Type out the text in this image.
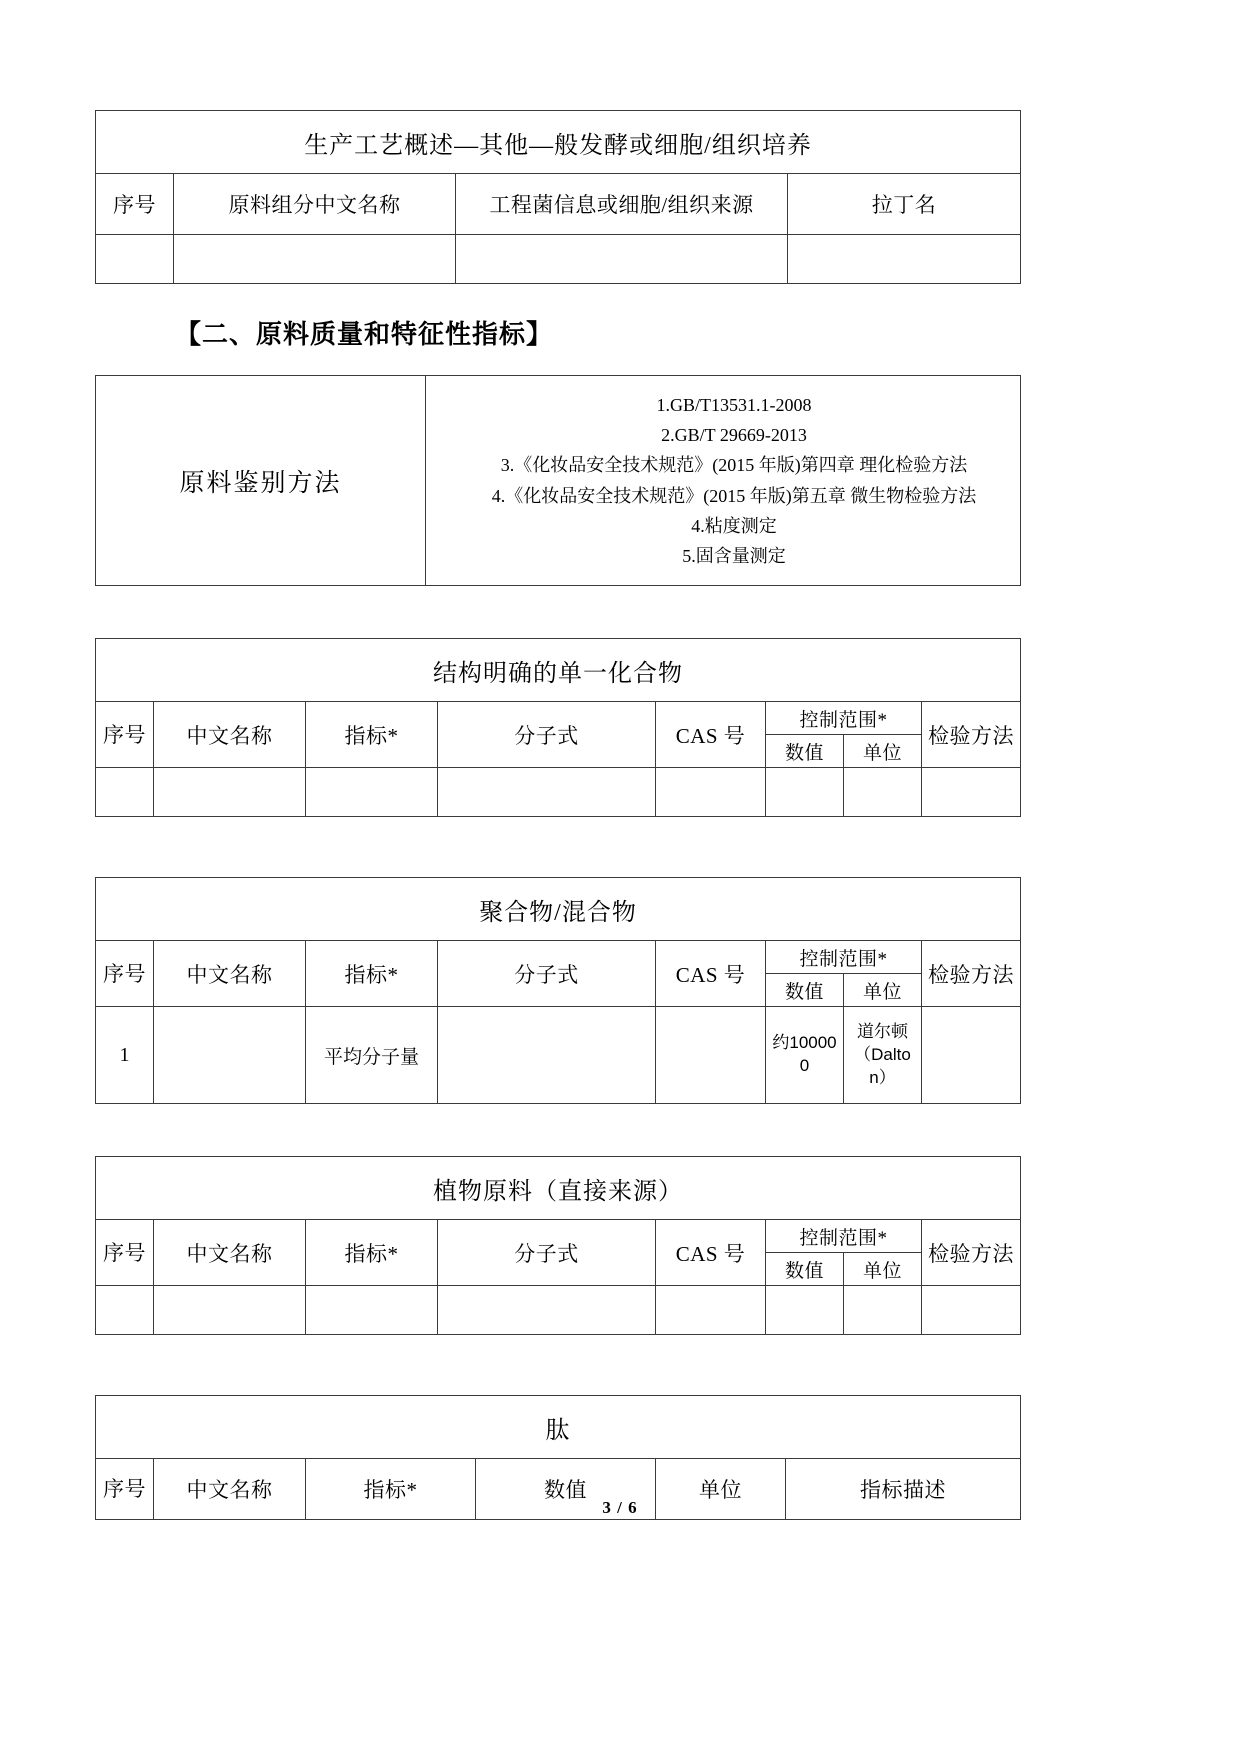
生产工艺概述—其他—般发酵或细胞/组织培养			
序号	原料组分中文名称	工程菌信息或细胞/组织来源	拉丁名

【二、原料质量和特征性指标】
原料鉴别方法	
1.GB/T13531.1-2008
2.GB/T 29669-2013
3.《化妆品安全技术规范》(2015 年版)第四章 理化检验方法
4.《化妆品安全技术规范》(2015 年版)第五章 微生物检验方法
4.粘度测定
5.固含量测定
结构明确的单一化合物							
序号	中文名称	指标*	分子式	CAS 号	控制范围*		检验方法
					数值	单位	

聚合物/混合物							
序号	中文名称	指标*	分子式	CAS 号	控制范围*		检验方法
					数值	单位	
1		平均分子量			约100000	道尔顿（Dalton）	
植物原料（直接来源）							
序号	中文名称	指标*	分子式	CAS 号	控制范围*		检验方法
					数值	单位	

肽
序号	中文名称	指标*	数值	单位	指标描述
3 / 6
